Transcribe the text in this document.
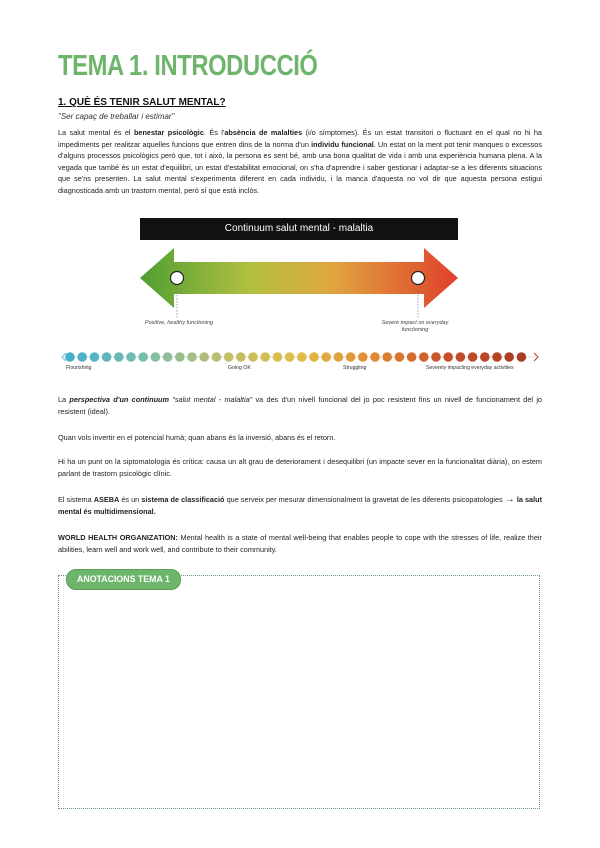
TEMA 1. INTRODUCCIÓ
1. QUÈ ÉS TENIR SALUT MENTAL?
"Ser capaç de treballar i estimar"

La salut mental és el benestar psicològic. És l'absència de malalties (i/o símptomes). És un estat transitori o fluctuant en el qual no hi ha impediments per realitzar aquelles funcions que entren dins de la norma d'un individu funcional. Un estat on la ment pot tenir manques o excessos d'alguns processos psicològics però que, tot i això, la persona es sent bé, amb una bona qualitat de vida i amb una experiència humana plena. A la vegada que també és un estat d'equilibri, un estat d'estabilitat emocional, on s'ha d'aprendre i saber gestionar i adaptar-se a les diferents situacions que se'ns presenten. La salut mental s'experimenta diferent en cada individu, i la manca d'aquesta no vol dir que aquesta persona estigui diagnosticada amb un trastorn mental, però sí que està inclòs.

Continuum salut mental - malaltia
Positive, healthy functioning	Severe impact on everyday functioning
Flourishing	Going OK	Struggling	Severely impacting everyday activities

La perspectiva d'un continuum "salut mental - malaltia" va des d'un nivell funcional del jo poc resistent fins un nivell de funcionament del jo resistent (ideal).

Quan vols invertir en el potencial humà; quan abans és la inversió, abans és el retorn.

Hi ha un punt on la siptomatologia és crítica: causa un alt grau de deteriorament i desequilibri (un impacte sever en la funcionalitat diària), on estem parlant de trastorn psicològic clínic.

El sistema ASEBA és un sistema de classificació que serveix per mesurar dimensionalment la gravetat de les diferents psicopatologies → la salut mental és multidimensional.

WORLD HEALTH ORGANIZATION: Mental health is a state of mental well-being that enables people to cope with the stresses of life, realize their abilities, learn well and work well, and contribute to their community.

ANOTACIONS TEMA 1
